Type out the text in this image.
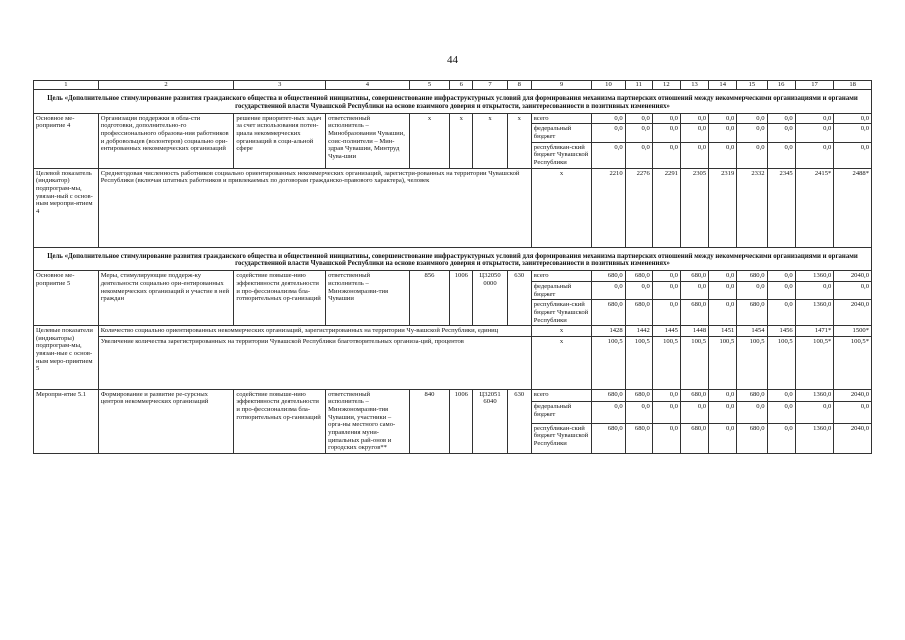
44
1	2	3	4	5	6	7	8	9	10	11	12	13	14	15	16	17	18
Цель «Дополнительное стимулирование развития гражданского общества и общественной инициативы, совершенствование инфраструктурных условий для формирования механизма партнерских отношений между некоммерческими организациями и органами государственной власти Чувашской Республики на основе взаимного доверия и открытости, заинтересованности в позитивных изменениях»																	
Основное ме-роприятие 4	Организация поддержки в обла-сти подготовки, дополнительно-го профессионального образова-ния работников и добровольцев (волонтеров) социально ори-ентированных некоммерческих организаций	решение приоритет-ных задач за счет использования потен-циала некоммерческих организаций в соци-альной сфере	ответственный исполнитель – Минобразования Чувашии, соис-полнители – Мин-здрав Чувашии, Минтруд Чува-шии	x	x	x	x	всего	0,0	0,0	0,0	0,0	0,0	0,0	0,0	0,0	0,0
								федеральный бюджет	0,0	0,0	0,0	0,0	0,0	0,0	0,0	0,0	0,0
								республикан-ский бюджет Чувашской Республики	0,0	0,0	0,0	0,0	0,0	0,0	0,0	0,0	0,0
Целевой показатель (индикатор) подпрограм-мы, увязан-ный с основ-ным меропри-ятием 4	Среднегодовая численность работников социально ориентированных некоммерческих организаций, зарегистри-рованных на территории Чувашской Республики (включая штатных работников и привлекаемых по договорам гражданско-правового характера), человек							x	2210	2276	2291	2305	2319	2332	2345	2415*	2488*
Цель «Дополнительное стимулирование развития гражданского общества и общественной инициативы, совершенствование инфраструктурных условий для формирования механизма партнерских отношений между некоммерческими организациями и органами государственной власти Чувашской Республики на основе взаимного доверия и открытости, заинтересованности в позитивных изменениях»																	
Основное ме-роприятие 5	Меры, стимулирующие поддерж-ку деятельности социально ори-ентированных некоммерческих организаций и участие в ней граждан	содействие повыше-нию эффективности деятельности и про-фессионализма бла-готворительных ор-ганизаций	ответственный исполнитель – Минэкономразви-тия Чувашии	856	1006	Ц32050 0000	630	всего	680,0	680,0	0,0	680,0	0,0	680,0	0,0	1360,0	2040,0
								федеральный бюджет	0,0	0,0	0,0	0,0	0,0	0,0	0,0	0,0	0,0
								республикан-ский бюджет Чувашской Республики	680,0	680,0	0,0	680,0	0,0	680,0	0,0	1360,0	2040,0
Целевые показатели (индикаторы) подпрограм-мы, увязан-ные с основ-ным меро-приятием 5	Количество социально ориентированных некоммерческих организаций, зарегистрированных на территории Чу-вашской Республики, единиц							x	1428	1442	1445	1448	1451	1454	1456	1471*	1500*
	Увеличение количества зарегистрированных на территории Чувашской Республики благотворительных организа-ций, процентов							x	100,5	100,5	100,5	100,5	100,5	100,5	100,5	100,5*	100,5*
Меропри-ятие 5.1	Формирование и развитие ре-сурсных центров некоммерческих организаций	содействие повыше-нию эффективности деятельности и про-фессионализма бла-готворительных ор-ганизаций	ответственный исполнитель – Минэкономразви-тия Чувашии, участники – орга-ны местного само-управления муни-ципальных рай-онов и городских округов**	840	1006	Ц32051 6040	630	всего	680,0	680,0	0,0	680,0	0,0	680,0	0,0	1360,0	2040,0
								федеральный бюджет	0,0	0,0	0,0	0,0	0,0	0,0	0,0	0,0	0,0
								республикан-ский бюджет Чувашской Республики	680,0	680,0	0,0	680,0	0,0	680,0	0,0	1360,0	2040,0
